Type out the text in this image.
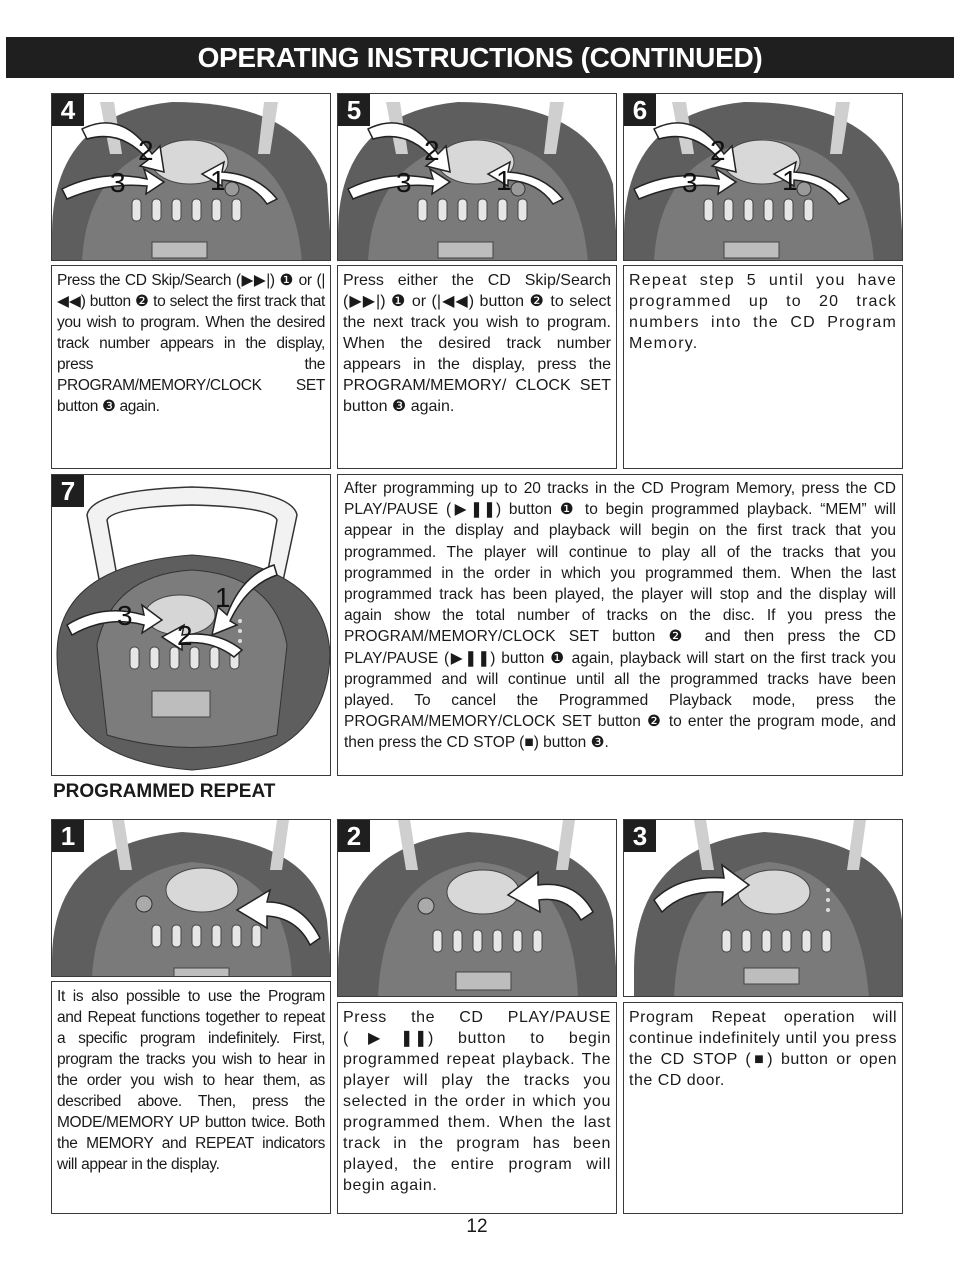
OPERATING INSTRUCTIONS (CONTINUED)
4
2
3	1
Press the CD Skip/Search (▶▶|) ❶ or (|◀◀) button ❷ to select the first track that you wish to program. When the desired track number appears in the display, press the PROGRAM/MEMORY/CLOCK SET button ❸ again.
5
2
3	1
Press either the CD Skip/Search (▶▶|) ❶ or (|◀◀) button ❷ to select the next track you wish to program. When the desired track number appears in the display, press the PROGRAM/MEMORY/ CLOCK SET button ❸ again.
6
2
3	1
Repeat step 5 until you have programmed up to 20 track numbers into the CD Program Memory.
7
1
3
2
After programming up to 20 tracks in the CD Program Memory, press the CD PLAY/PAUSE (▶❚❚) button ❶ to begin programmed playback. “MEM” will appear in the display and playback will begin on the first track that you programmed. The player will continue to play all of the tracks that you programmed in the order in which you programmed them. When the last programmed track has been played, the player will stop and the display will again show the total number of tracks on the disc. If you press the PROGRAM/MEMORY/CLOCK SET button ❷ and then press the CD PLAY/PAUSE (▶❚❚) button ❶ again, playback will start on the first track you programmed and will continue until all the programmed tracks have been played. To cancel the Programmed Playback mode, press the PROGRAM/MEMORY/CLOCK SET button ❷ to enter the program mode, and then press the CD STOP (■) button ❸.
PROGRAMMED REPEAT
1
It is also possible to use the Program and Repeat functions together to repeat a specific program indefinitely. First, program the tracks you wish to hear in the order you wish to hear them, as described above. Then, press the MODE/MEMORY UP button twice. Both the MEMORY and REPEAT indicators will appear in the display.
2
Press the CD PLAY/PAUSE (▶❚❚) button to begin programmed repeat playback. The player will play the tracks you selected in the order in which you programmed them. When the last track in the program has been played, the entire program will begin again.
3
Program Repeat operation will continue indefinitely until you press the CD STOP (■) button or open the CD door.
12
